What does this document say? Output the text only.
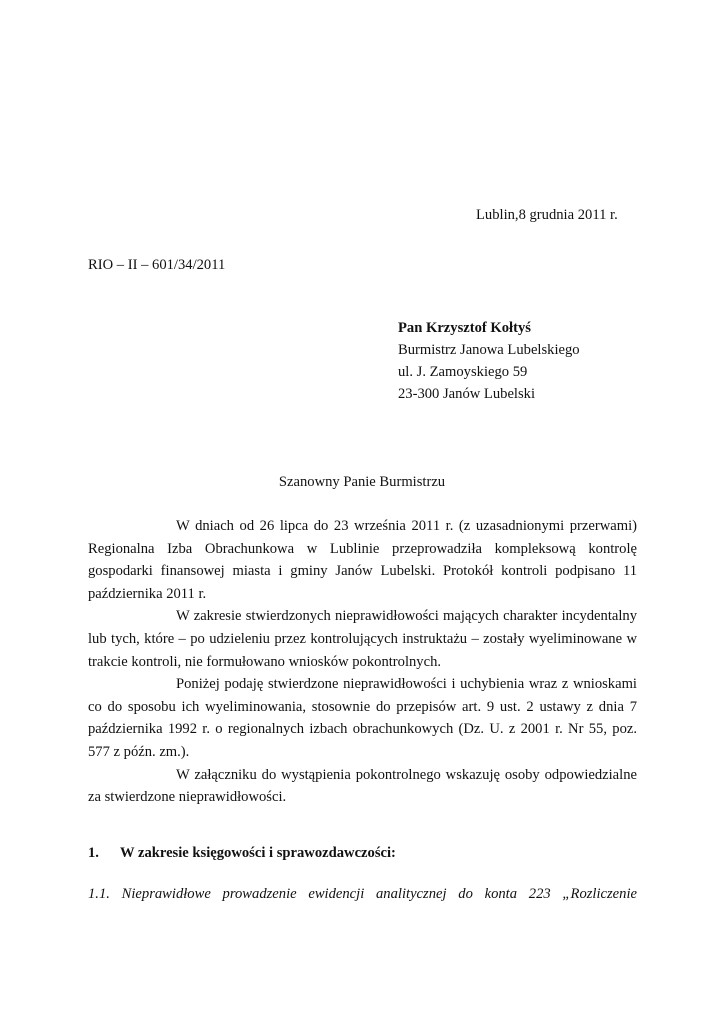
Lublin,8 grudnia 2011 r.
RIO – II – 601/34/2011
Pan Krzysztof Kołtyś
Burmistrz Janowa Lubelskiego
ul. J. Zamoyskiego 59
23-300 Janów Lubelski
Szanowny Panie Burmistrzu

W dniach od 26 lipca do 23 września 2011 r. (z uzasadnionymi przerwami) Regionalna Izba Obrachunkowa w Lublinie przeprowadziła kompleksową kontrolę gospodarki finansowej miasta i gminy Janów Lubelski. Protokół kontroli podpisano 11 października 2011 r.

W zakresie stwierdzonych nieprawidłowości mających charakter incydentalny lub tych, które – po udzieleniu przez kontrolujących instruktażu – zostały wyeliminowane w trakcie kontroli, nie formułowano wniosków pokontrolnych.

Poniżej podaję stwierdzone nieprawidłowości i uchybienia wraz z wnioskami co do sposobu ich wyeliminowania, stosownie do przepisów art. 9 ust. 2 ustawy z dnia 7 października 1992 r. o regionalnych izbach obrachunkowych (Dz. U. z 2001 r. Nr 55, poz. 577 z późn. zm.).

W załączniku do wystąpienia pokontrolnego wskazuję osoby odpowiedzialne za stwierdzone nieprawidłowości.

1. W zakresie księgowości i sprawozdawczości:
1.1. Nieprawidłowe prowadzenie ewidencji analitycznej do konta 223 „Rozliczenie
